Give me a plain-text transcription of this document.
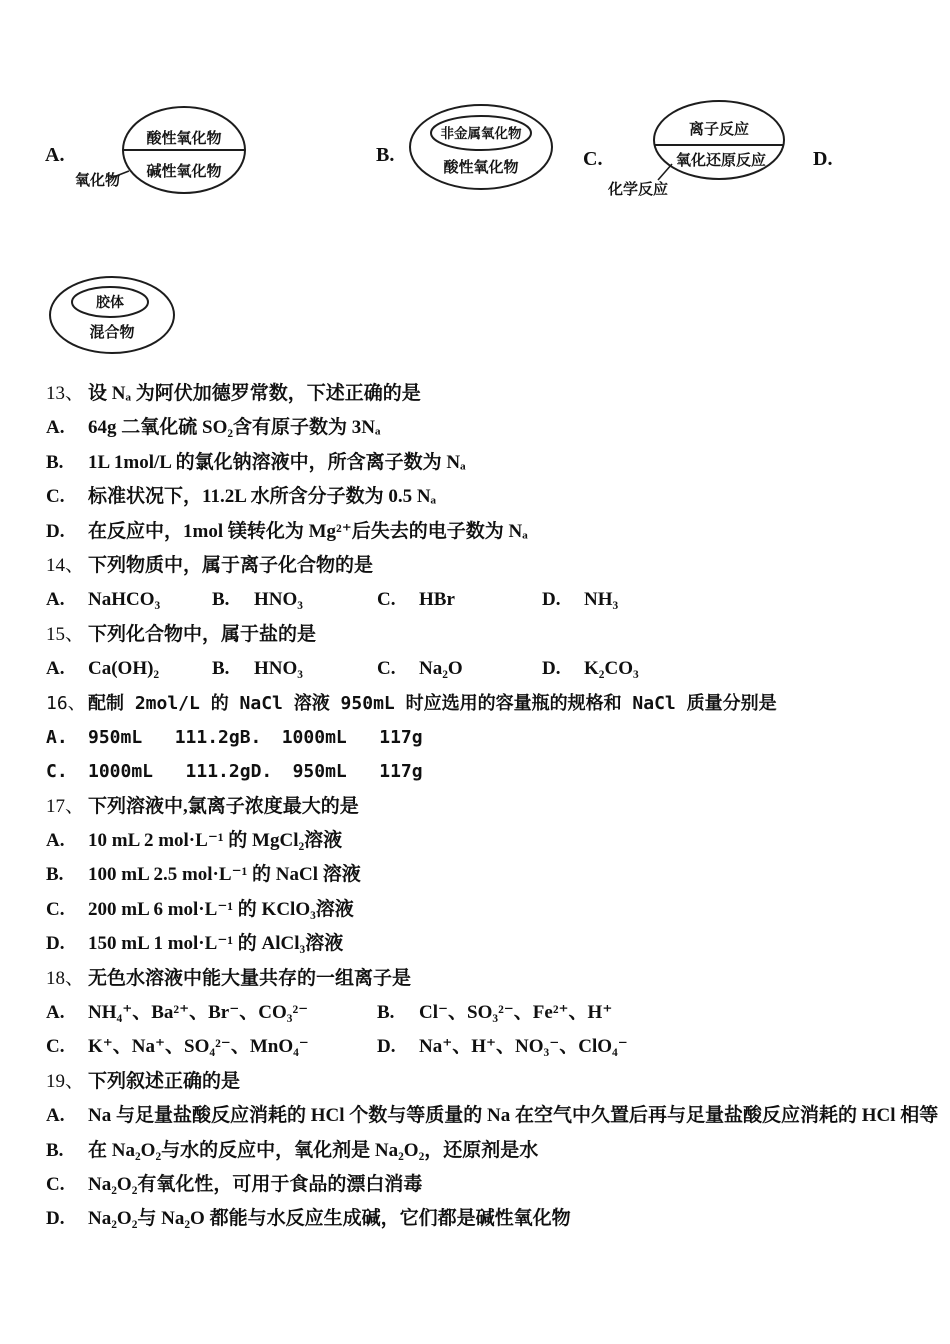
A.
酸性氧化物
碱性氧化物
氧化物
B.
非金属氧化物
酸性氧化物	C.
离子反应
氧化还原反应
化学反应
D.
胶体
混合物
13、 设 Nₐ 为阿伏加德罗常数，下述正确的是
A. 64g 二氧化硫 SO₂含有原子数为 3Nₐ
B. 1L 1mol/L 的氯化钠溶液中，所含离子数为 Nₐ
C. 标准状况下，11.2L 水所含分子数为 0.5 Nₐ
D. 在反应中，1mol 镁转化为 Mg²⁺后失去的电子数为 Nₐ
14、 下列物质中，属于离子化合物的是
A. NaHCO₃	B. HNO₃	C. HBr	D. NH₃
15、 下列化合物中，属于盐的是
A. Ca(OH)₂	B. HNO₃	C. Na₂O	D. K₂CO₃
16、 配制 2mol/L 的 NaCl 溶液 950mL 时应选用的容量瓶的规格和 NaCl 质量分别是
A. 950mL   111.2gB. 1000mL   117g
C. 1000mL   111.2gD. 950mL   117g
17、 下列溶液中,氯离子浓度最大的是
A. 10 mL 2 mol·L⁻¹ 的 MgCl₂溶液
B. 100 mL 2.5 mol·L⁻¹ 的 NaCl 溶液
C. 200 mL 6 mol·L⁻¹ 的 KClO₃溶液
D. 150 mL 1 mol·L⁻¹ 的 AlCl₃溶液
18、 无色水溶液中能大量共存的一组离子是
A. NH₄⁺、Ba²⁺、Br⁻、CO₃²⁻	B. Cl⁻、SO₃²⁻、Fe²⁺、H⁺
C. K⁺、Na⁺、SO₄²⁻、MnO₄⁻	D. Na⁺、H⁺、NO₃⁻、ClO₄⁻
19、 下列叙述正确的是
A. Na 与足量盐酸反应消耗的 HCl 个数与等质量的 Na 在空气中久置后再与足量盐酸反应消耗的 HCl 相等
B. 在 Na₂O₂与水的反应中，氧化剂是 Na₂O₂，还原剂是水
C. Na₂O₂有氧化性，可用于食品的漂白消毒
D. Na₂O₂与 Na₂O 都能与水反应生成碱，它们都是碱性氧化物
